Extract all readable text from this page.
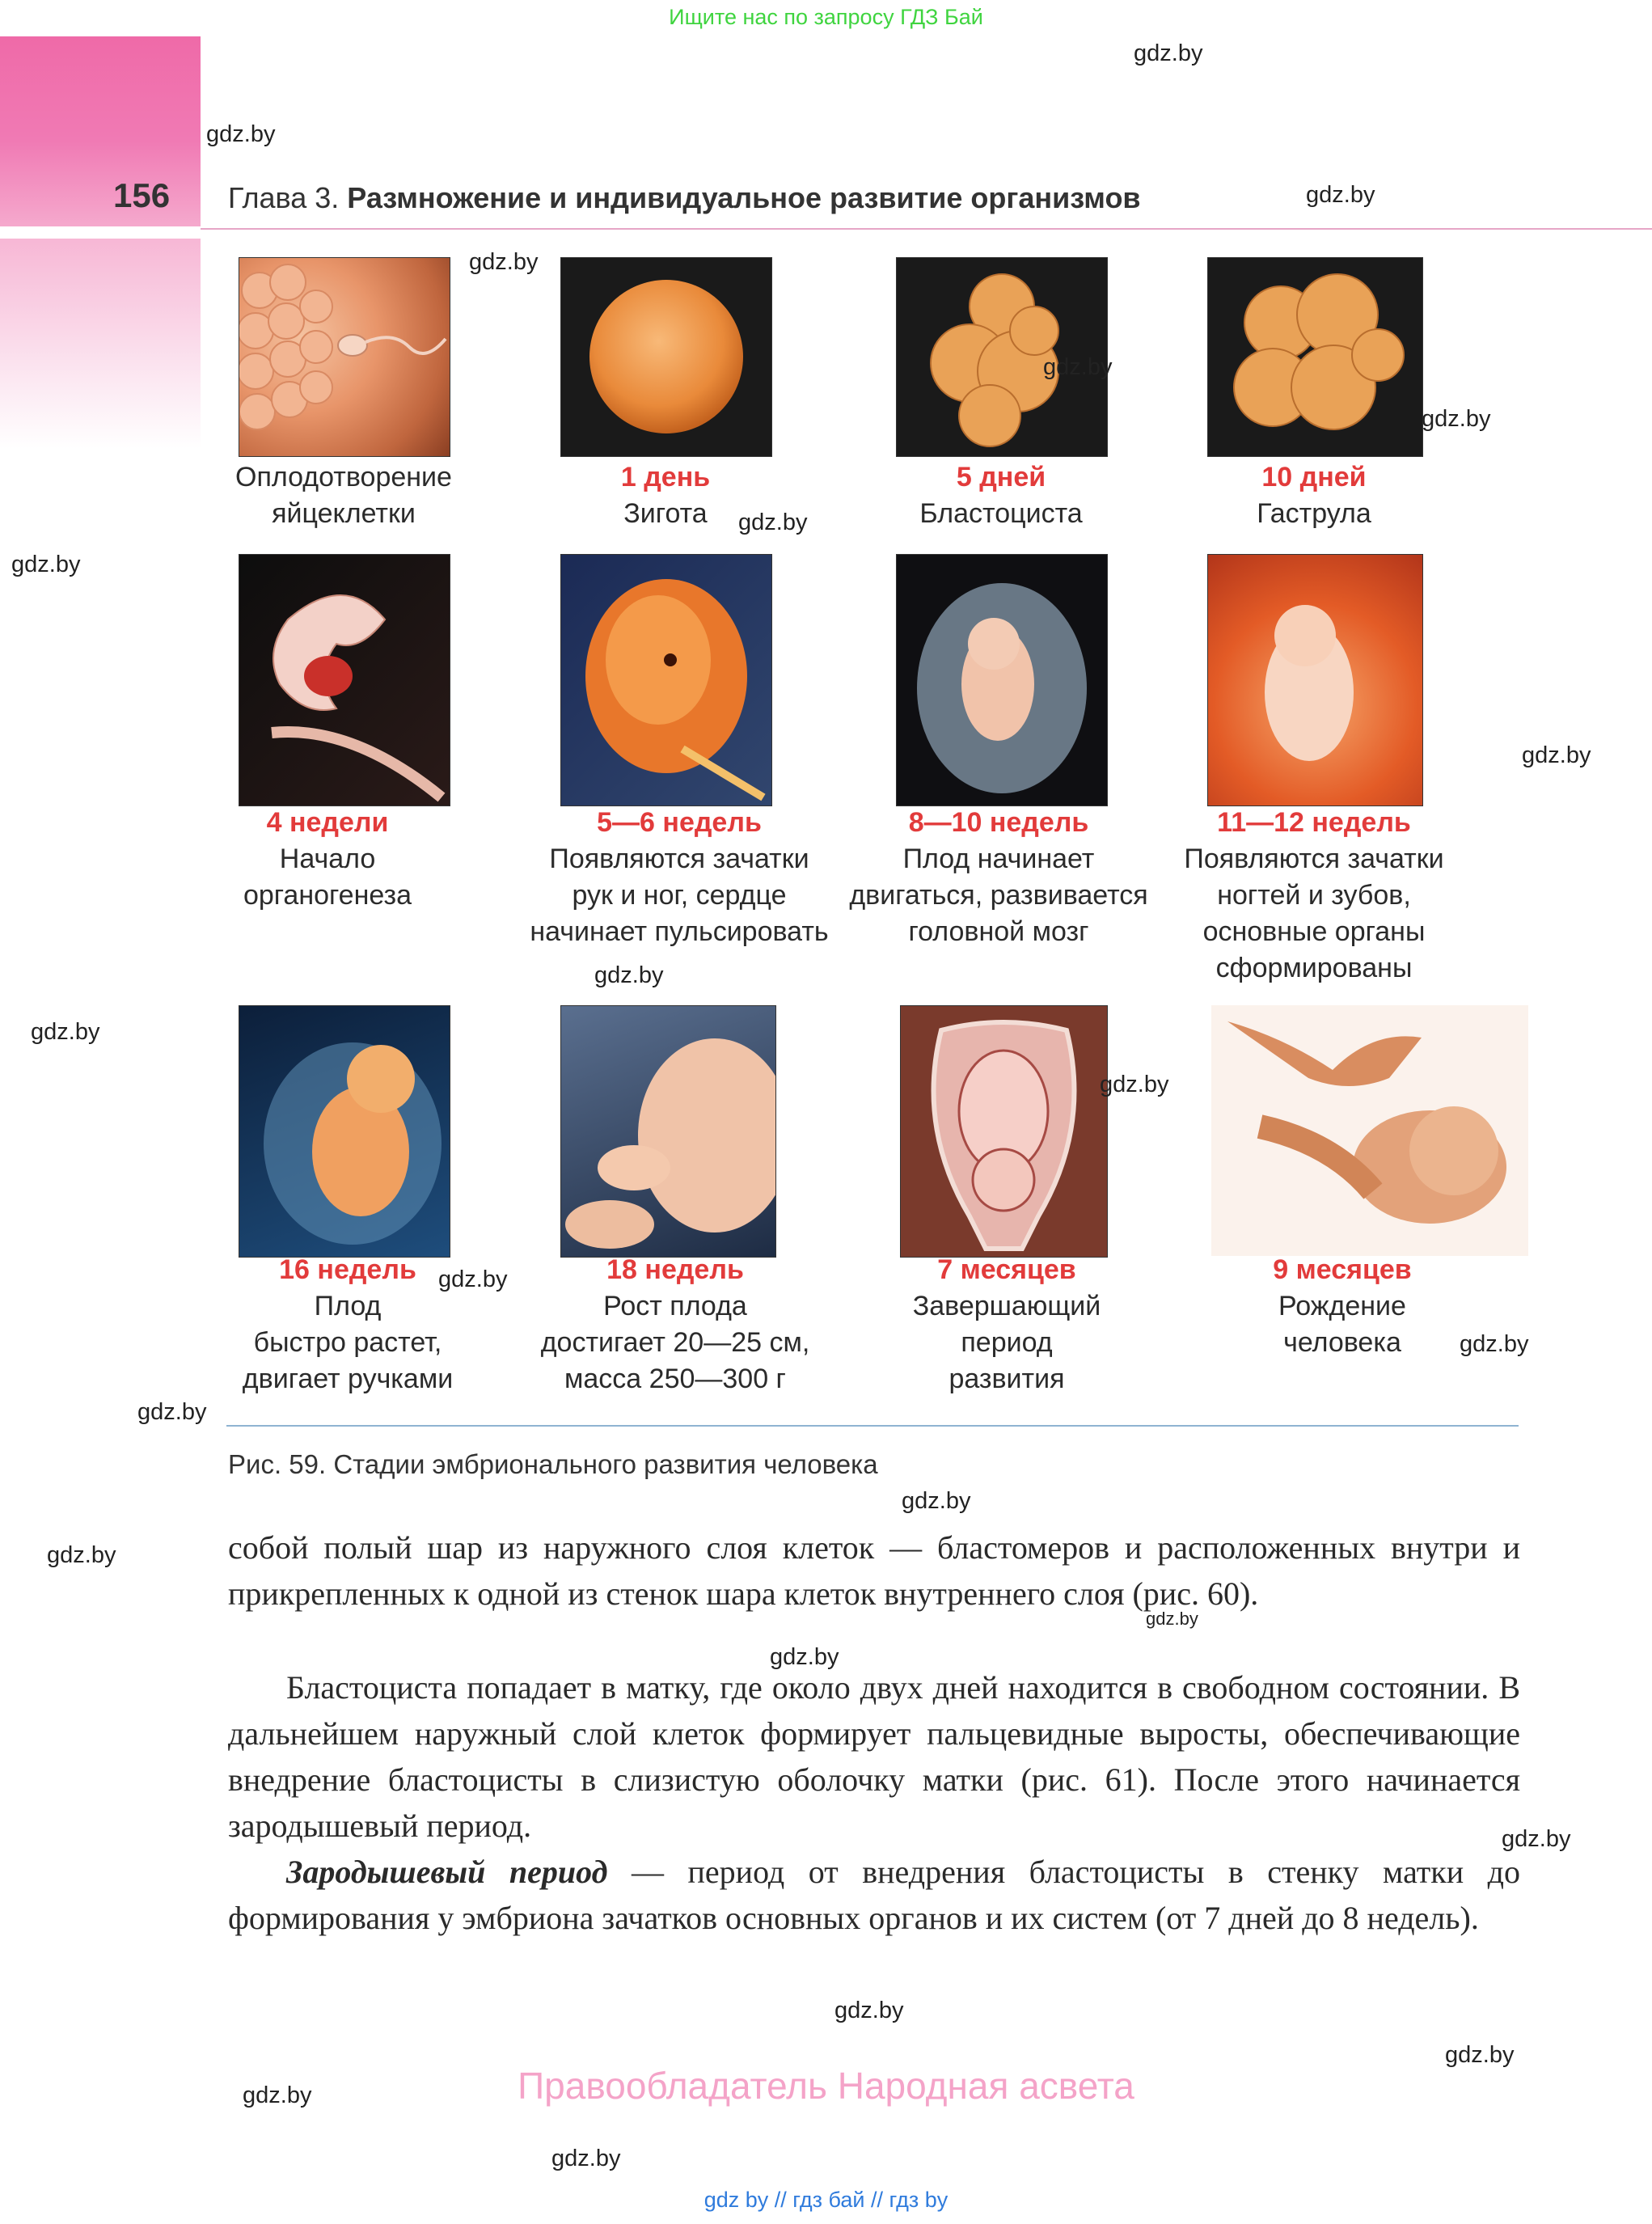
Ищите нас по запросу ГДЗ Бай
156 Глава 3. Размножение и индивидуальное развитие организмов
Оплодотворение
яйцеклетки
1 день
Зигота
5 дней
Бластоциста
10 дней
Гаструла
4 недели
Начало
органогенеза
5—6 недель
Появляются зачатки
рук и ног, сердце
начинает пульсировать
8—10 недель
Плод начинает
двигаться, развивается
головной мозг
11—12 недель
Появляются зачатки
ногтей и зубов,
основные органы
сформированы
16 недель
Плод
быстро растет,
двигает ручками
18 недель
Рост плода
достигает 20—25 см,
масса 250—300 г
7 месяцев
Завершающий
период
развития
9 месяцев
Рождение
человека
Рис. 59. Стадии эмбрионального развития человека
собой полый шар из наружного слоя клеток — бластомеров и расположенных внутри и прикрепленных к одной из стенок шара клеток внутреннего слоя (рис. 60).
Бластоциста попадает в матку, где около двух дней находится в свободном состоянии. В дальнейшем наружный слой клеток формирует пальцевидные выросты, обеспечивающие внедрение бластоцисты в слизистую оболочку матки (рис. 61). После этого начинается зародышевый период.
Зародышевый период — период от внедрения бластоцисты в стенку матки до формирования у эмбриона зачатков основных органов и их систем (от 7 дней до 8 недель).
Правообладатель Народная асвета
gdz by // гдз бай // гдз by
gdz.by
gdz.by
gdz.by
gdz.by
gdz.by
gdz.by
gdz.by
gdz.by
gdz.by
gdz.by
gdz.by
gdz.by
gdz.by
gdz.by
gdz.by
gdz.by
gdz.by
gdz.by
gdz.by
gdz.by
gdz.by
gdz.by
gdz.by
gdz.by
